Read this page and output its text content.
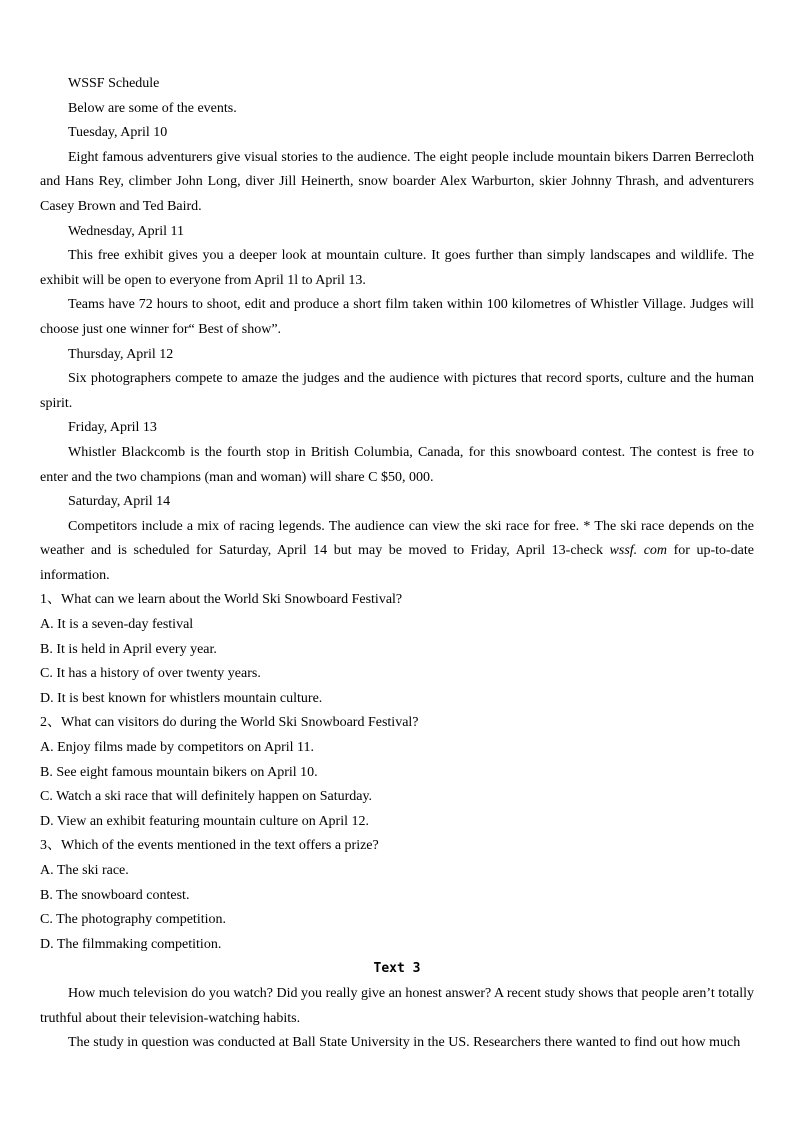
WSSF Schedule

Below are some of the events.

Tuesday, April 10

Eight famous adventurers give visual stories to the audience. The eight people include mountain bikers Darren Berrecloth and Hans Rey, climber John Long, diver Jill Heinerth, snow boarder Alex Warburton, skier Johnny Thrash, and adventurers Casey Brown and Ted Baird.

Wednesday, April 11

This free exhibit gives you a deeper look at mountain culture. It goes further than simply landscapes and wildlife. The exhibit will be open to everyone from April 1l to April 13.

Teams have 72 hours to shoot, edit and produce a short film taken within 100 kilometres of Whistler Village. Judges will choose just one winner for“ Best of show”.

Thursday, April 12

Six photographers compete to amaze the judges and the audience with pictures that record sports, culture and the human spirit.

Friday, April 13

Whistler Blackcomb is the fourth stop in British Columbia, Canada, for this snowboard contest. The contest is free to enter and the two champions (man and woman) will share C $50, 000.

Saturday, April 14

Competitors include a mix of racing legends. The audience can view the ski race for free. * The ski race depends on the weather and is scheduled for Saturday, April 14 but may be moved to Friday, April 13-check wssf. com for up-to-date information.

1、What can we learn about the World Ski Snowboard Festival?

A. It is a seven-day festival

B. It is held in April every year.

C. It has a history of over twenty years.

D. It is best known for whistlers mountain culture.

2、What can visitors do during the World Ski Snowboard Festival?

A. Enjoy films made by competitors on April 11.

B. See eight famous mountain bikers on April 10.

C. Watch a ski race that will definitely happen on Saturday.

D. View an exhibit featuring mountain culture on April 12.

3、Which of the events mentioned in the text offers a prize?

A. The ski race.

B. The snowboard contest.

C. The photography competition.

D. The filmmaking competition.

Text 3

How much television do you watch? Did you really give an honest answer? A recent study shows that people aren’t totally truthful about their television-watching habits.

The study in question was conducted at Ball State University in the US. Researchers there wanted to find out how much
